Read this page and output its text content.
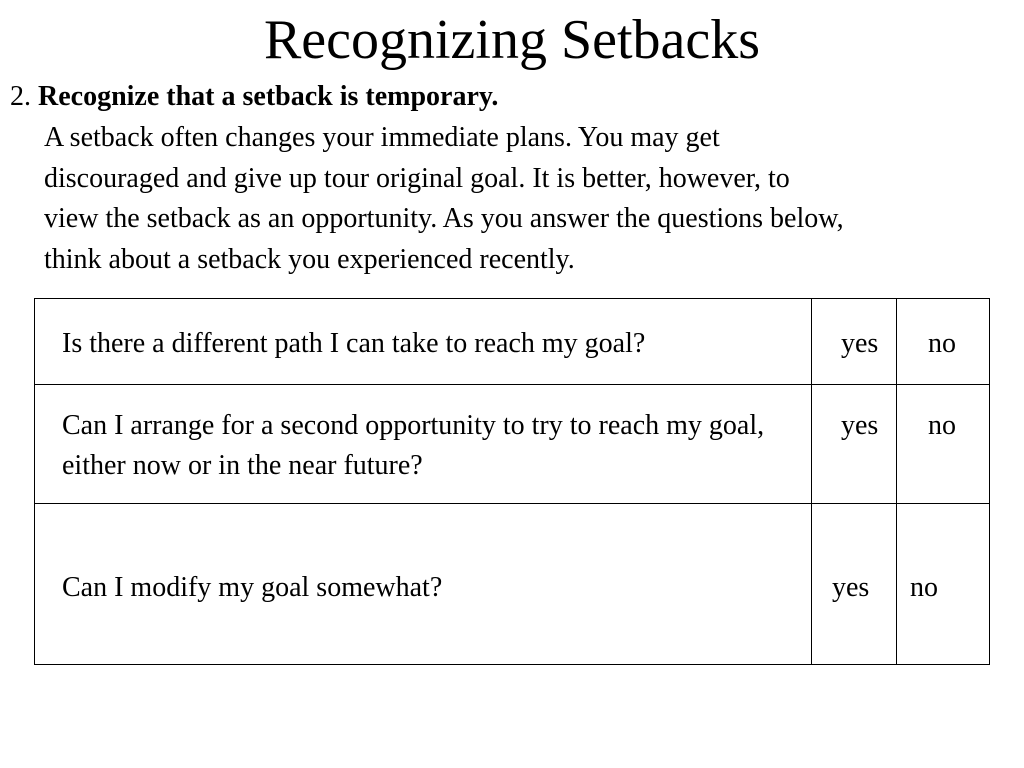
Recognizing Setbacks
2. Recognize that a setback is temporary.
A setback often changes your immediate plans. You may get
discouraged and give up tour original goal. It is better, however, to
view the setback as an opportunity. As you answer the questions below,
think about a setback you experienced recently.
Is there a different path I can take to reach my goal?	yes no
Can I arrange for a second opportunity to try to reach my goal, either now or in the near future?
yes no
Can I modify my goal somewhat?	yes no
